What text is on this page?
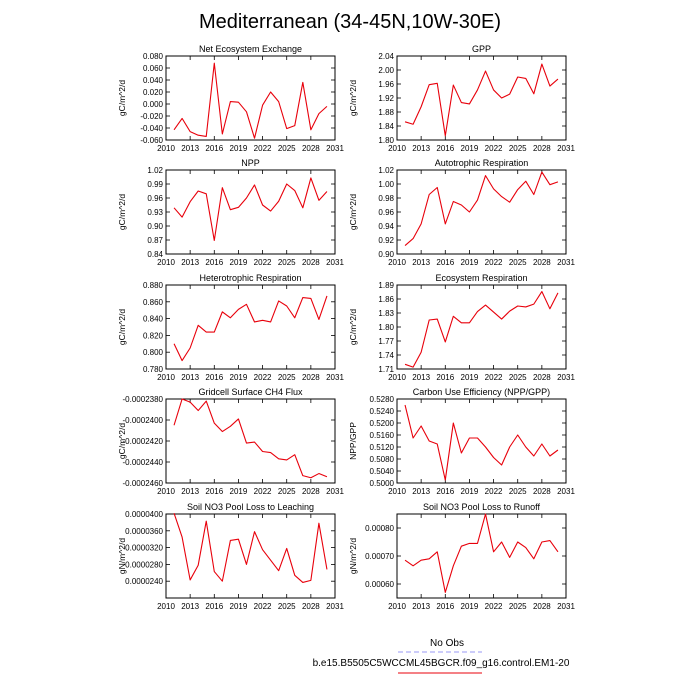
Mediterranean (34-45N,10W-30E)
Net Ecosystem Exchange
2010 2013 2016 2019 2022 2025 2028 2031
-0.060
-0.040
-0.020
0.000
0.020
0.040
0.060
0.080
gC/m^2/d
GPP
2010 2013 2016 2019 2022 2025 2028 2031
1.80
1.84
1.88
1.92
1.96
2.00
2.04
gC/m^2/d
NPP
2010 2013 2016 2019 2022 2025 2028 2031
0.84
0.87
0.90
0.93
0.96
0.99
1.02
gC/m^2/d
Autotrophic Respiration
2010 2013 2016 2019 2022 2025 2028 2031
0.90
0.92
0.94
0.96
0.98
1.00
1.02
gC/m^2/d
Heterotrophic Respiration
2010 2013 2016 2019 2022 2025 2028 2031
0.780
0.800
0.820
0.840
0.860
0.880
gC/m^2/d
Ecosystem Respiration
2010 2013 2016 2019 2022 2025 2028 2031
1.71
1.74
1.77
1.80
1.83
1.86
1.89
gC/m^2/d
Gridcell Surface CH4 Flux
2010 2013 2016 2019 2022 2025 2028 2031
-0.0002460
-0.0002440
-0.0002420
-0.0002400
-0.0002380
gC/m^2/d
Carbon Use Efficiency (NPP/GPP)
2010 2013 2016 2019 2022 2025 2028 2031
0.5000
0.5040
0.5080
0.5120
0.5160
0.5200
0.5240
0.5280
NPP/GPP
Soil NO3 Pool Loss to Leaching
2010 2013 2016 2019 2022 2025 2028 2031
0.0000240
0.0000280
0.0000320
0.0000360
0.0000400
gN/m^2/d
Soil NO3 Pool Loss to Runoff
2010 2013 2016 2019 2022 2025 2028 2031
0.00060
0.00070
0.00080
gN/m^2/d
No Obs
b.e15.B5505C5WCCML45BGCR.f09_g16.control.EM1-20
